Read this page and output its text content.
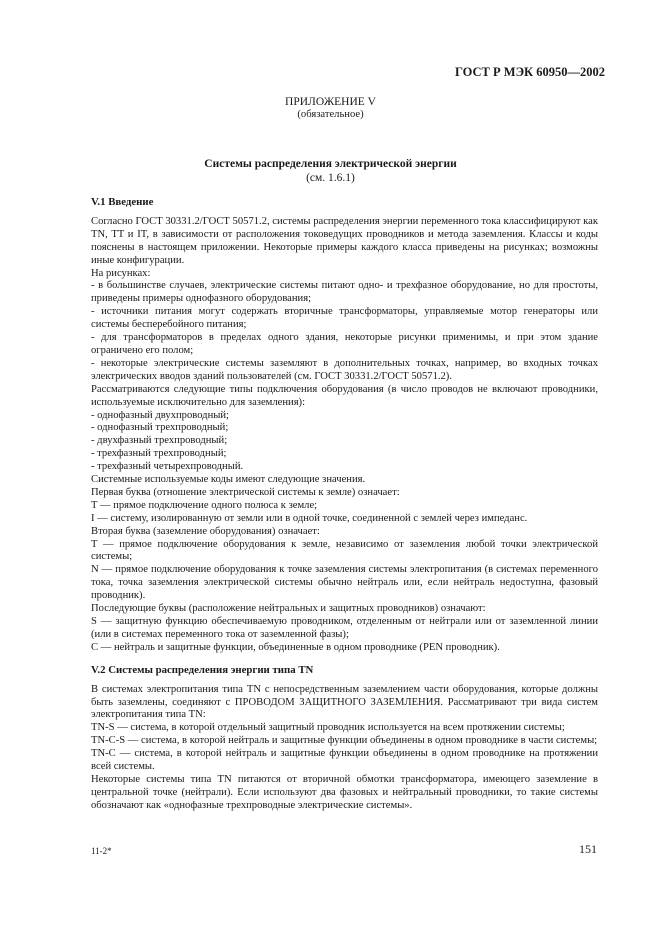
ГОСТ Р МЭК 60950—2002
ПРИЛОЖЕНИЕ V
(обязательное)
Системы распределения электрической энергии
(см. 1.6.1)
V.1 Введение

Согласно ГОСТ 30331.2/ГОСТ 50571.2, системы распределения энергии переменного тока классифицируют как TN, TT и IT, в зависимости от расположения токоведущих проводников и метода заземления. Классы и коды пояснены в настоящем приложении. Некоторые примеры каждого класса приведены на рисунках; возможны иные конфигурации.

На рисунках:

- в большинстве случаев, электрические системы питают одно- и трехфазное оборудование, но для простоты, приведены примеры однофазного оборудования;

- источники питания могут содержать вторичные трансформаторы, управляемые мотор генераторы или системы бесперебойного питания;

- для трансформаторов в пределах одного здания, некоторые рисунки применимы, и при этом здание ограничено его полом;

- некоторые электрические системы заземляют в дополнительных точках, например, во входных точках электрических вводов зданий пользователей (см. ГОСТ 30331.2/ГОСТ 50571.2).

Рассматриваются следующие типы подключения оборудования (в число проводов не включают проводники, используемые исключительно для заземления):

- однофазный двухпроводный;

- однофазный трехпроводный;

- двухфазный трехпроводный;

- трехфазный трехпроводный;

- трехфазный четырехпроводный.

Системные используемые коды имеют следующие значения.

Первая буква (отношение электрической системы к земле) означает:

T — прямое подключение одного полюса к земле;

I — систему, изолированную от земли или в одной точке, соединенной с землей через импеданс.

Вторая буква (заземление оборудования) означает:

T — прямое подключение оборудования к земле, независимо от заземления любой точки электрической системы;

N — прямое подключение оборудования к точке заземления системы электропитания (в системах переменного тока, точка заземления электрической системы обычно нейтраль или, если нейтраль недоступна, фазовый проводник).

Последующие буквы (расположение нейтральных и защитных проводников) означают:

S — защитную функцию обеспечиваемую проводником, отделенным от нейтрали или от заземленной линии (или в системах переменного тока от заземленной фазы);

C — нейтраль и защитные функции, объединенные в одном проводнике (PEN проводник).

V.2 Системы распределения энергии типа TN

В системах электропитания типа TN с непосредственным заземлением части оборудования, которые должны быть заземлены, соединяют с ПРОВОДОМ ЗАЩИТНОГО ЗАЗЕМЛЕНИЯ. Рассматривают три вида систем электропитания типа TN:

TN-S — система, в которой отдельный защитный проводник используется на всем протяжении системы;

TN-C-S — система, в которой нейтраль и защитные функции объединены в одном проводнике в части системы;

TN-C — система, в которой нейтраль и защитные функции объединены в одном проводнике на протяжении всей системы.

Некоторые системы типа TN питаются от вторичной обмотки трансформатора, имеющего заземление в центральной точке (нейтрали). Если используют два фазовых и нейтральный проводники, то такие системы обозначают как «однофазные трехпроводные электрические системы».

11-2*	151
